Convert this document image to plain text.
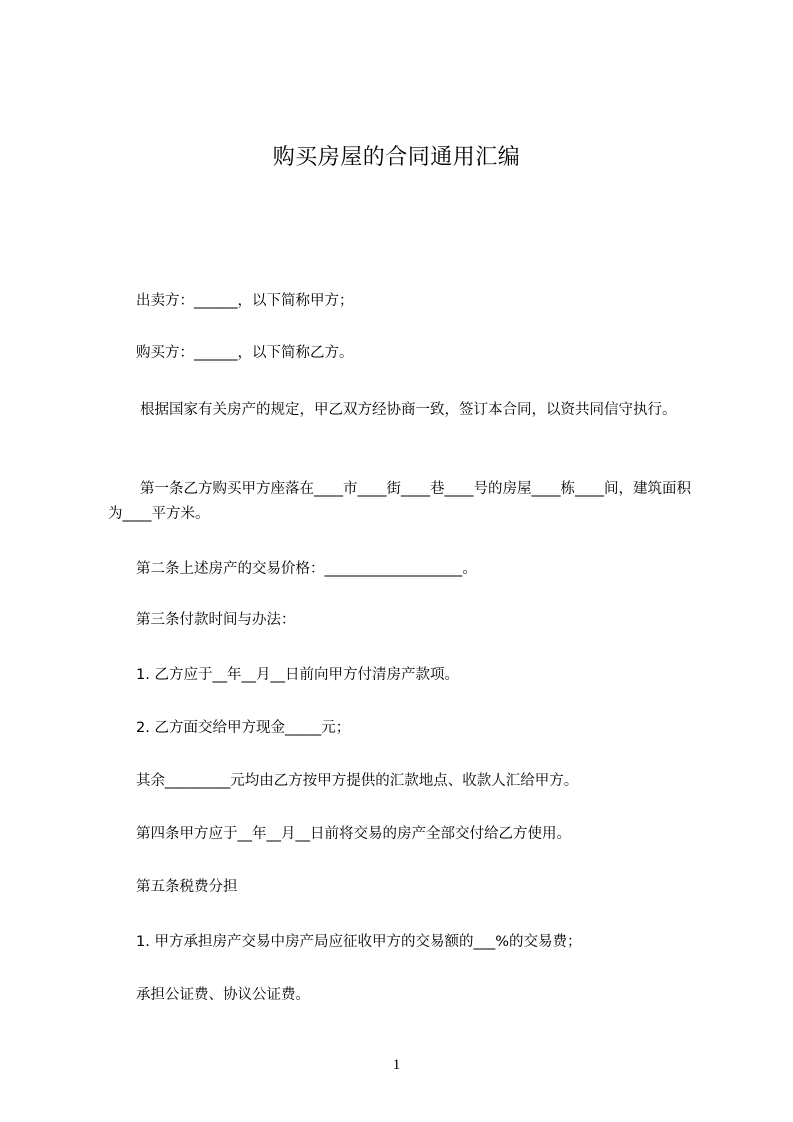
购买房屋的合同通用汇编

出卖方：______，以下简称甲方；

购买方：______，以下简称乙方。

根据国家有关房产的规定，甲乙双方经协商一致，签订本合同，以资共同信守执行。

第一条乙方购买甲方座落在____市____街____巷____号的房屋____栋____间，建筑面积为____平方米。

第二条上述房产的交易价格：___________________。

第三条付款时间与办法：

1. 乙方应于__年__月__日前向甲方付清房产款项。

2. 乙方面交给甲方现金_____元；

其余_________元均由乙方按甲方提供的汇款地点、收款人汇给甲方。

第四条甲方应于__年__月__日前将交易的房产全部交付给乙方使用。

第五条税费分担

1. 甲方承担房产交易中房产局应征收甲方的交易额的___%的交易费；

承担公证费、协议公证费。

1
